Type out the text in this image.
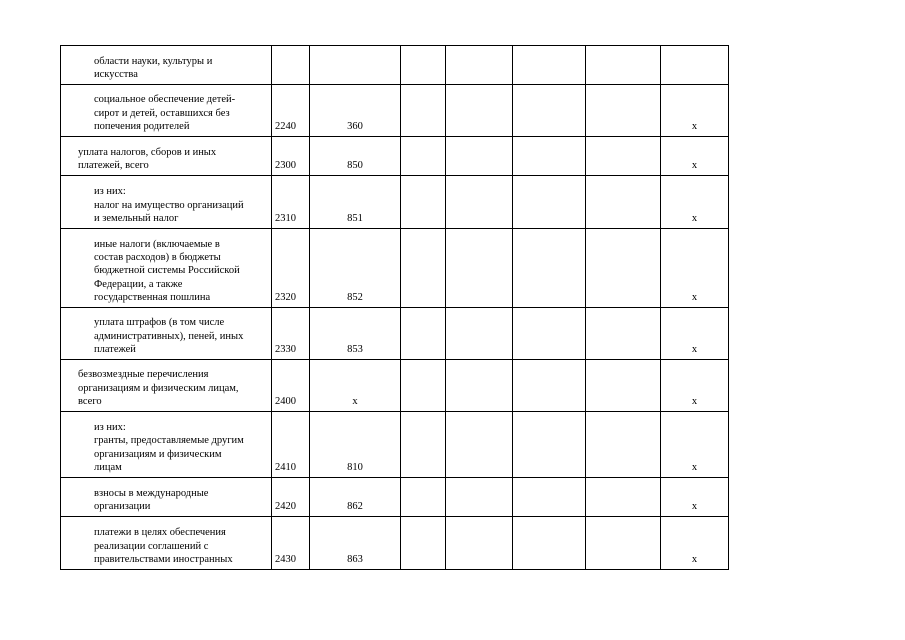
области науки, культуры и
искусства							

социальное обеспечение детей-
сирот и детей, оставшихся без
попечения родителей	2240	360					x

уплата налогов, сборов и иных
платежей, всего	2300	850					x

из них:
налог на имущество организаций
и земельный налог	2310	851					x

иные налоги (включаемые в
состав расходов) в бюджеты
бюджетной системы Российской
Федерации, а также
государственная пошлина	2320	852					x

уплата штрафов (в том числе
административных), пеней, иных
платежей	2330	853					x

безвозмездные перечисления
организациям и физическим лицам,
всего	2400	x					x

из них:
гранты, предоставляемые другим
организациям и физическим
лицам	2410	810					x

взносы в международные
организации	2420	862					x

платежи в целях обеспечения
реализации соглашений с
правительствами иностранных	2430	863					x
